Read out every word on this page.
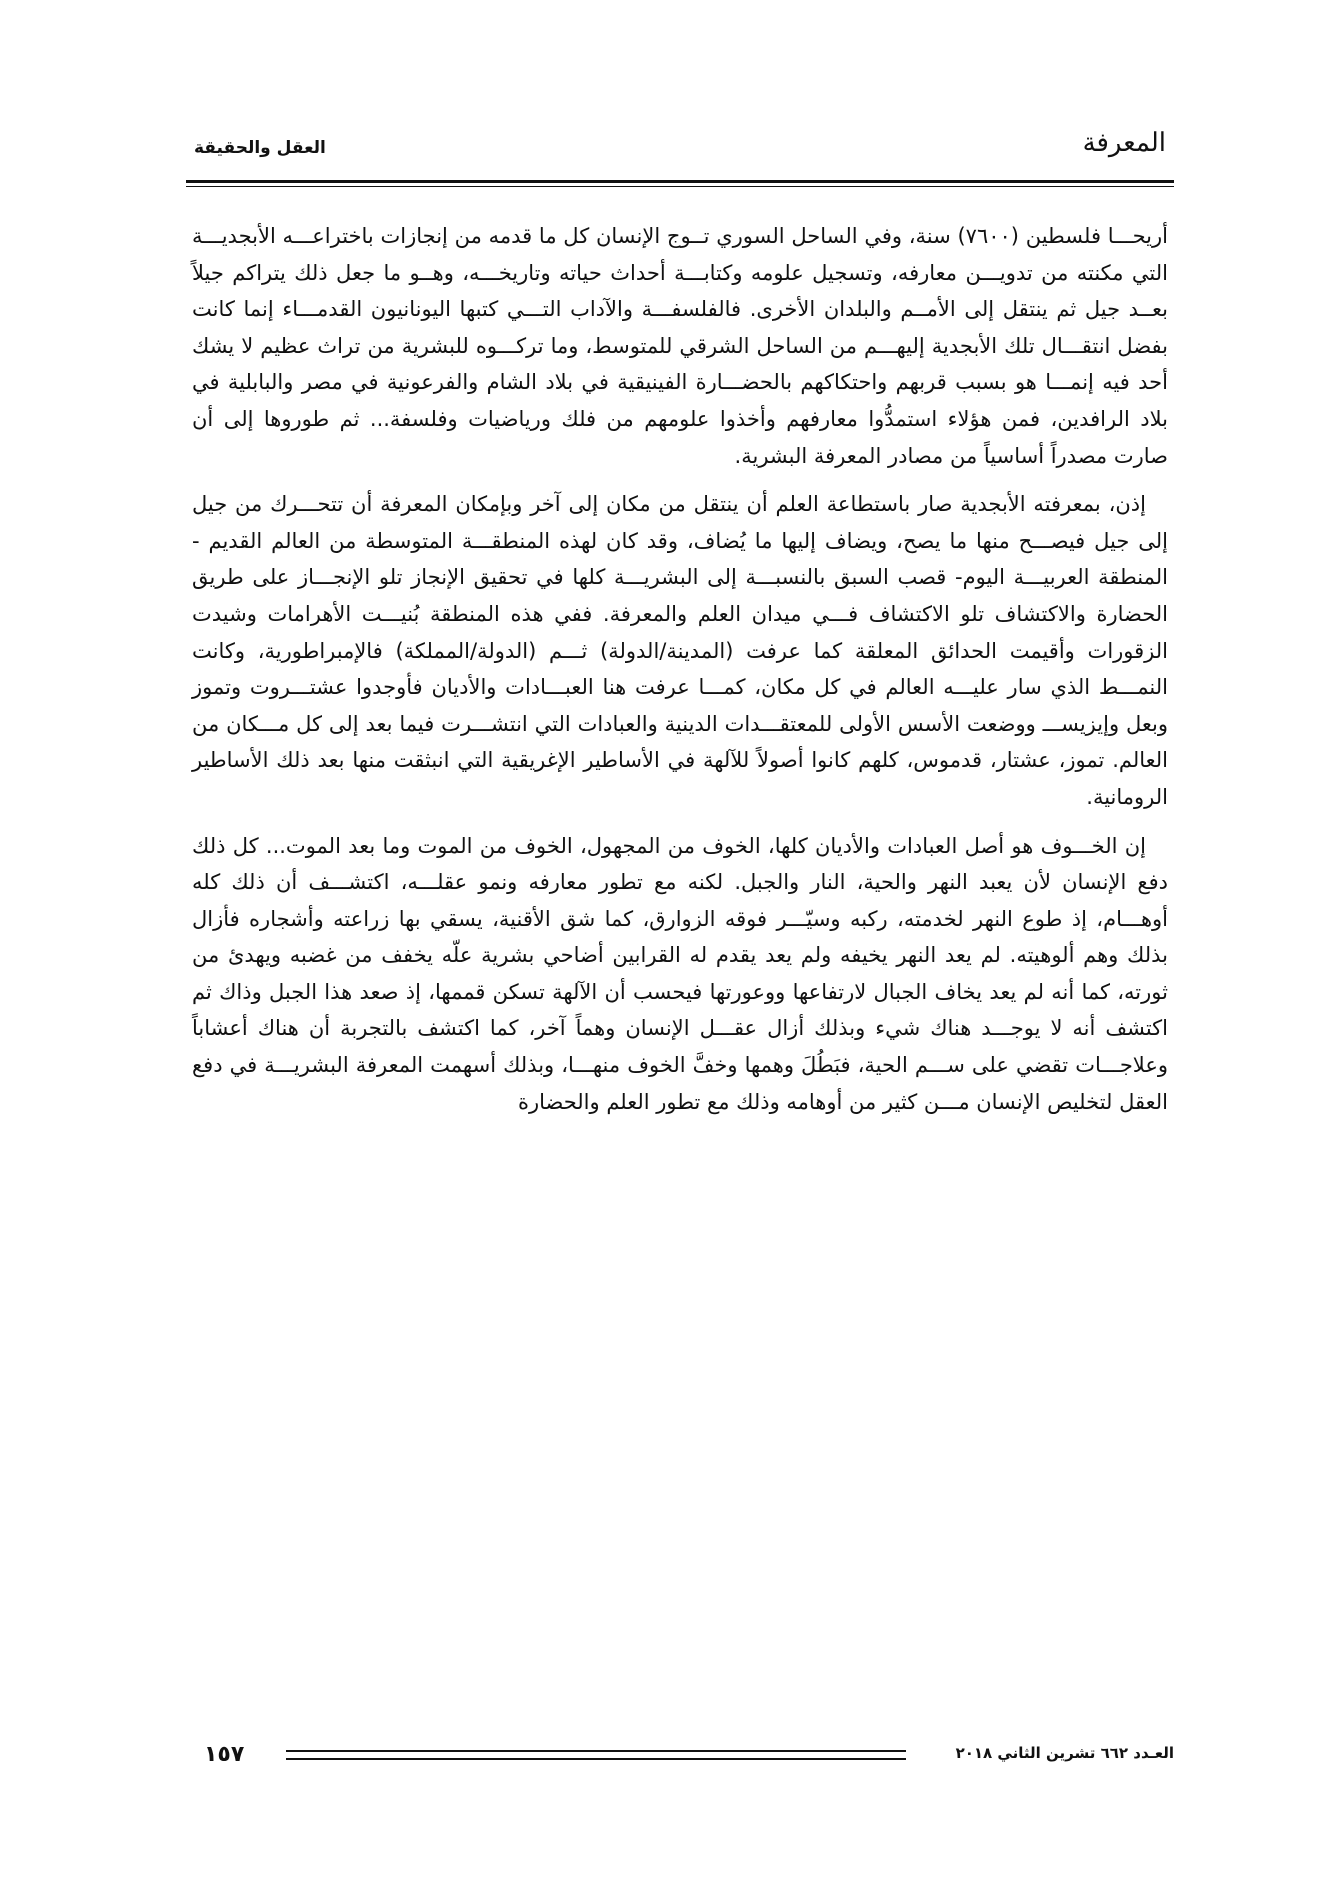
العقل والحقيقة	المعرفة

أريحـــا فلسطين (٧٦٠٠) سنة، وفي الساحل السوري تــوج الإنسان كل ما قدمه من إنجازات باختراعـــه الأبجديـــة التي مكنته من تدويـــن معارفه، وتسجيل علومه وكتابـــة أحداث حياته وتاريخـــه، وهــو ما جعل ذلك يتراكم جيلاً بعــد جيل ثم ينتقل إلى الأمــم والبلدان الأخرى. فالفلسفـــة والآداب التـــي كتبها اليونانيون القدمـــاء إنما كانت بفضل انتقـــال تلك الأبجدية إليهـــم من الساحل الشرقي للمتوسط، وما تركـــوه للبشرية من تراث عظيم لا يشك أحد فيه إنمـــا هو بسبب قربهم واحتكاكهم بالحضـــارة الفينيقية في بلاد الشام والفرعونية في مصر والبابلية في بلاد الرافدين، فمن هؤلاء استمدُّوا معارفهم وأخذوا علومهم من فلك ورياضيات وفلسفة... ثم طوروها إلى أن صارت مصدراً أساسياً من مصادر المعرفة البشرية.

إذن، بمعرفته الأبجدية صار باستطاعة العلم أن ينتقل من مكان إلى آخر وبإمكان المعرفة أن تتحـــرك من جيل إلى جيل فيصـــح منها ما يصح، ويضاف إليها ما يُضاف، وقد كان لهذه المنطقـــة المتوسطة من العالم القديم - المنطقة العربيـــة اليوم- قصب السبق بالنسبـــة إلى البشريـــة كلها في تحقيق الإنجاز تلو الإنجـــاز على طريق الحضارة والاكتشاف تلو الاكتشاف فـــي ميدان العلم والمعرفة. ففي هذه المنطقة بُنيـــت الأهرامات وشيدت الزقورات وأقيمت الحدائق المعلقة كما عرفت (المدينة/الدولة) ثـــم (الدولة/المملكة) فالإمبراطورية، وكانت النمـــط الذي سار عليـــه العالم في كل مكان، كمـــا عرفت هنا العبـــادات والأديان فأوجدوا عشتـــروت وتموز وبعل وإيزيســـ ووضعت الأسس الأولى للمعتقـــدات الدينية والعبادات التي انتشـــرت فيما بعد إلى كل مـــكان من العالم. تموز، عشتار، قدموس، كلهم كانوا أصولاً للآلهة في الأساطير الإغريقية التي انبثقت منها بعد ذلك الأساطير الرومانية.

إن الخـــوف هو أصل العبادات والأديان كلها، الخوف من المجهول، الخوف من الموت وما بعد الموت... كل ذلك دفع الإنسان لأن يعبد النهر والحية، النار والجبل. لكنه مع تطور معارفه ونمو عقلـــه، اكتشـــف أن ذلك كله أوهـــام، إذ طوع النهر لخدمته، ركبه وسيّـــر فوقه الزوارق، كما شق الأقنية، يسقي بها زراعته وأشجاره فأزال بذلك وهم ألوهيته. لم يعد النهر يخيفه ولم يعد يقدم له القرابين أضاحي بشرية علّه يخفف من غضبه ويهدئ من ثورته، كما أنه لم يعد يخاف الجبال لارتفاعها ووعورتها فيحسب أن الآلهة تسكن قممها، إذ صعد هذا الجبل وذاك ثم اكتشف أنه لا يوجـــد هناك شيء وبذلك أزال عقـــل الإنسان وهماً آخر، كما اكتشف بالتجربة أن هناك أعشاباً وعلاجـــات تقضي على ســـم الحية، فبَطُلَ وهمها وخفَّ الخوف منهـــا، وبذلك أسهمت المعرفة البشريـــة في دفع العقل لتخليص الإنسان مـــن كثير من أوهامه وذلك مع تطور العلم والحضارة

١٥٧	العـدد ٦٦٢ تشرين الثاني ٢٠١٨
